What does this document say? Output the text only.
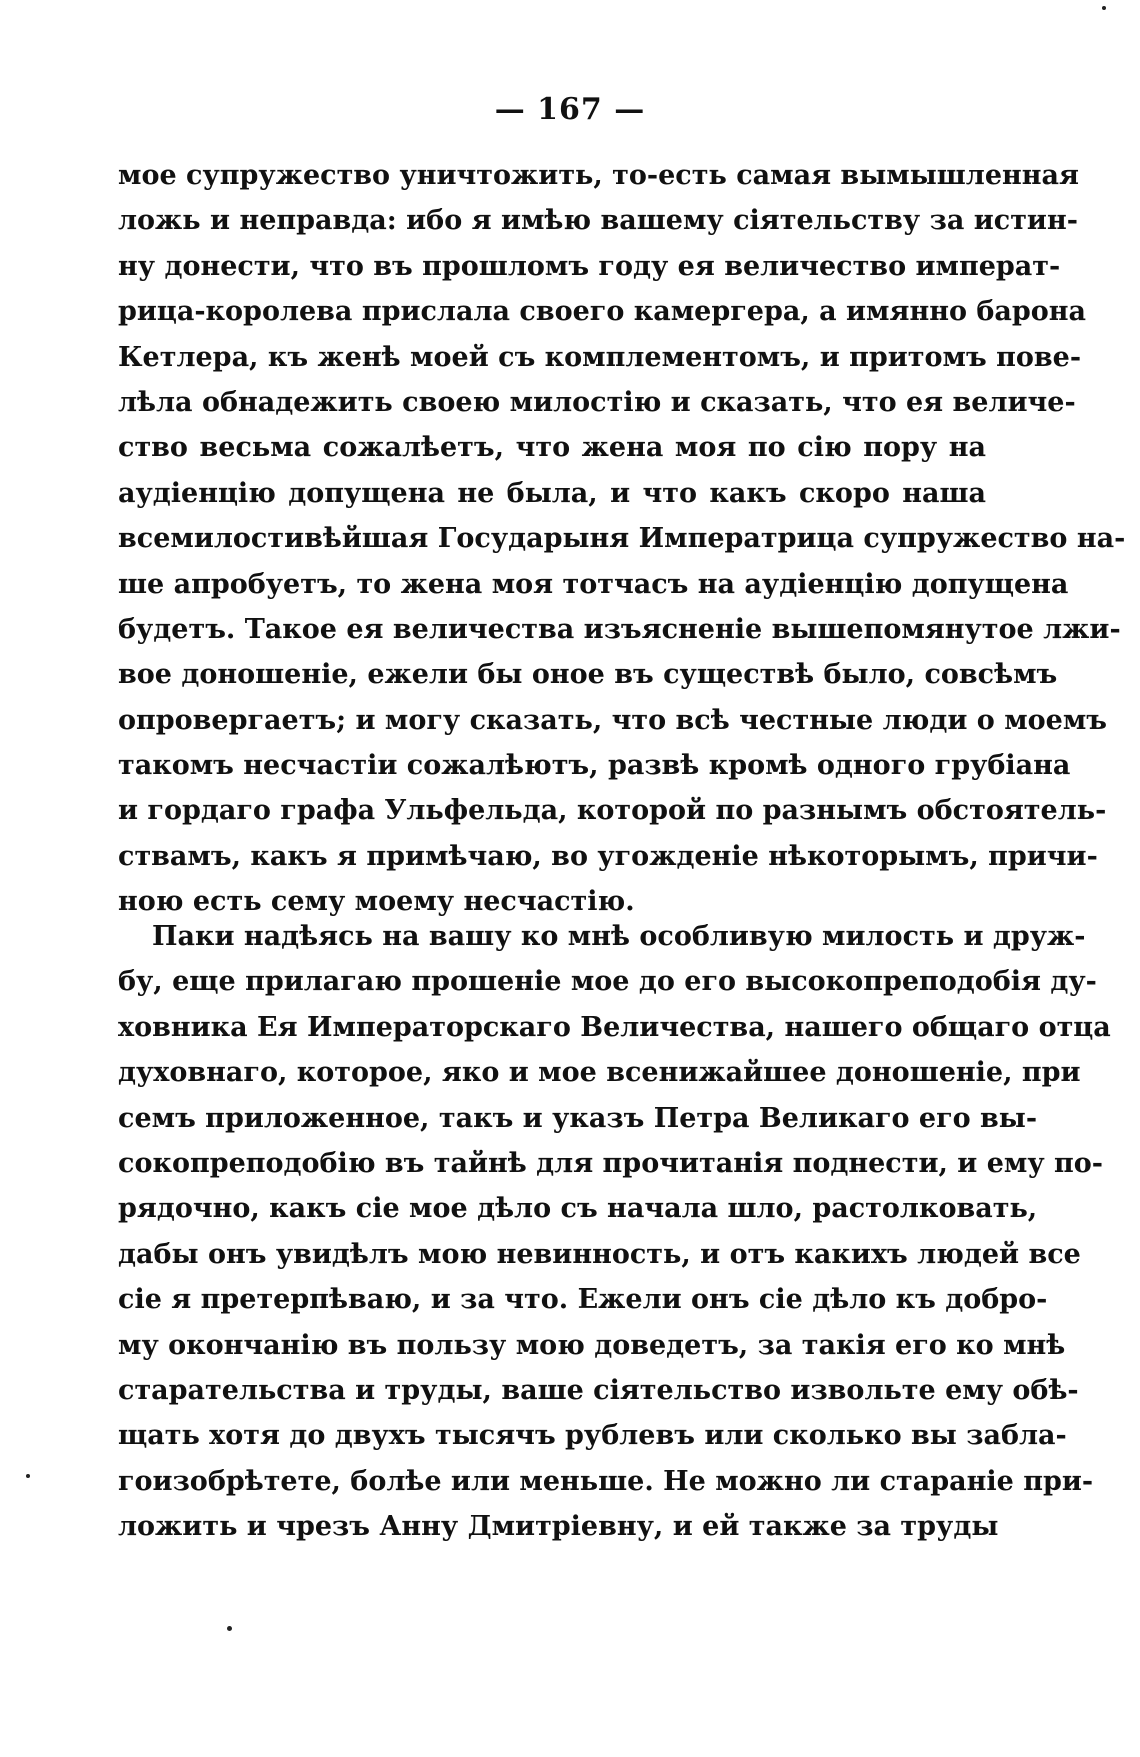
— 167 —
мое супружество уничтожить, то-есть самая вымышленная
ложь и неправда: ибо я имѣю вашему сіятельству за истин-
ну донести, что въ прошломъ году ея величество императ-
рица-королева прислала своего камергера, а имянно барона
Кетлера, къ женѣ моей съ комплементомъ, и притомъ пове-
лѣла обнадежить своею милостію и сказать, что ея величе-
ство весьма сожалѣетъ, что жена моя по сію пору на
аудіенцію допущена не была, и что какъ скоро наша
всемилостивѣйшая Государыня Императрица супружество на-
ше апробуетъ, то жена моя тотчасъ на аудіенцію допущена
будетъ. Такое ея величества изъясненіе вышепомянутое лжи-
вое доношеніе, ежели бы оное въ существѣ было, совсѣмъ
опровергаетъ; и могу сказать, что всѣ честные люди о моемъ
такомъ несчастіи сожалѣютъ, развѣ кромѣ одного грубіана
и гордаго графа Ульфельда, которой по разнымъ обстоятель-
ствамъ, какъ я примѣчаю, во угожденіе нѣкоторымъ, причи-
ною есть сему моему несчастію.
Паки надѣясь на вашу ко мнѣ особливую милость и друж-
бу, еще прилагаю прошеніе мое до его высокопреподобія ду-
ховника Ея Императорскаго Величества, нашего общаго отца
духовнаго, которое, яко и мое всенижайшее доношеніе, при
семъ приложенное, такъ и указъ Петра Великаго его вы-
сокопреподобію въ тайнѣ для прочитанія поднести, и ему по-
рядочно, какъ сіе мое дѣло съ начала шло, растолковать,
дабы онъ увидѣлъ мою невинность, и отъ какихъ людей все
сіе я претерпѣваю, и за что. Ежели онъ сіе дѣло къ добро-
му окончанію въ пользу мою доведетъ, за такія его ко мнѣ
старательства и труды, ваше сіятельство извольте ему обѣ-
щать хотя до двухъ тысячъ рублевъ или сколько вы забла-
гоизобрѣтете, болѣе или меньше. Не можно ли стараніе при-
ложить и чрезъ Анну Дмитріевну, и ей также за труды
